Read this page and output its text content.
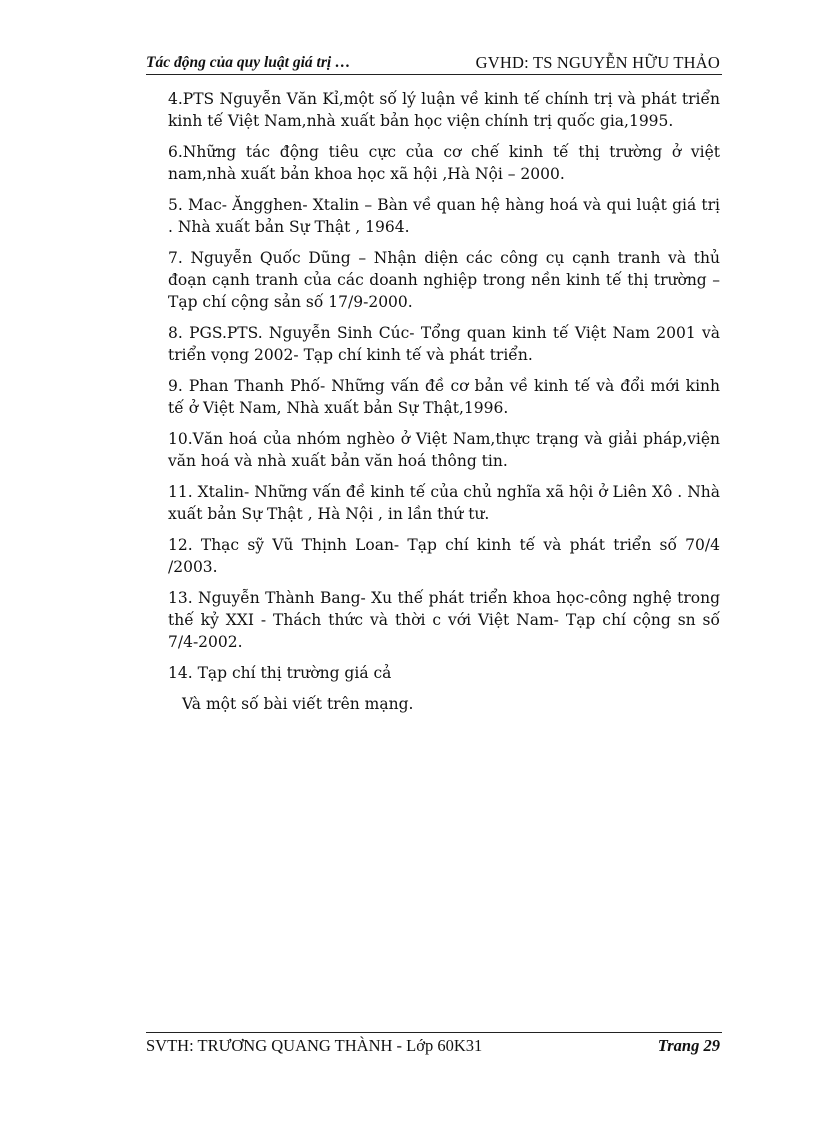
Tác động của quy luật giá trị …	GVHD: TS NGUYỄN HỮU THẢO

4.PTS Nguyễn Văn Kỉ,một số lý luận về kinh tế chính trị và phát triển kinh tế Việt Nam,nhà xuất bản học viện chính trị quốc gia,1995.

6.Những tác động tiêu cực của cơ chế kinh tế thị trường ở việt nam,nhà xuất bản khoa học xã hội ,Hà Nội – 2000.

5. Mac- Ăngghen- Xtalin – Bàn về quan hệ hàng hoá và qui luật giá trị . Nhà xuất bản Sự Thật , 1964.

7. Nguyễn Quốc Dũng – Nhận diện các công cụ cạnh tranh và thủ đoạn cạnh tranh của các doanh nghiệp trong nền kinh tế thị trường – Tạp chí cộng sản số 17/9-2000.

8. PGS.PTS. Nguyễn Sinh Cúc- Tổng quan kinh tế Việt Nam 2001 và triển vọng 2002- Tạp chí kinh tế và phát triển.

9. Phan Thanh Phố- Những vấn đề cơ bản về kinh tế và đổi mới kinh tế ở Việt Nam, Nhà xuất bản Sự Thật,1996.

10.Văn hoá của nhóm nghèo ở Việt Nam,thực trạng và giải pháp,viện văn hoá và nhà xuất bản văn hoá thông tin.

11. Xtalin- Những vấn đề kinh tế của chủ nghĩa xã hội ở Liên Xô . Nhà xuất bản Sự Thật , Hà Nội , in lần thứ tư.

12. Thạc sỹ Vũ Thịnh Loan- Tạp chí kinh tế và phát triển số 70/4 /2003.

13. Nguyễn Thành Bang- Xu thế phát triển khoa học-công nghệ trong thế kỷ XXI - Thách thức và thời c với Việt Nam- Tạp chí cộng sn số 7/4-2002.

14. Tạp chí thị trường giá cả

Và một số bài viết trên mạng.
SVTH: TRƯƠNG QUANG THÀNH - Lớp 60K31	Trang 29
